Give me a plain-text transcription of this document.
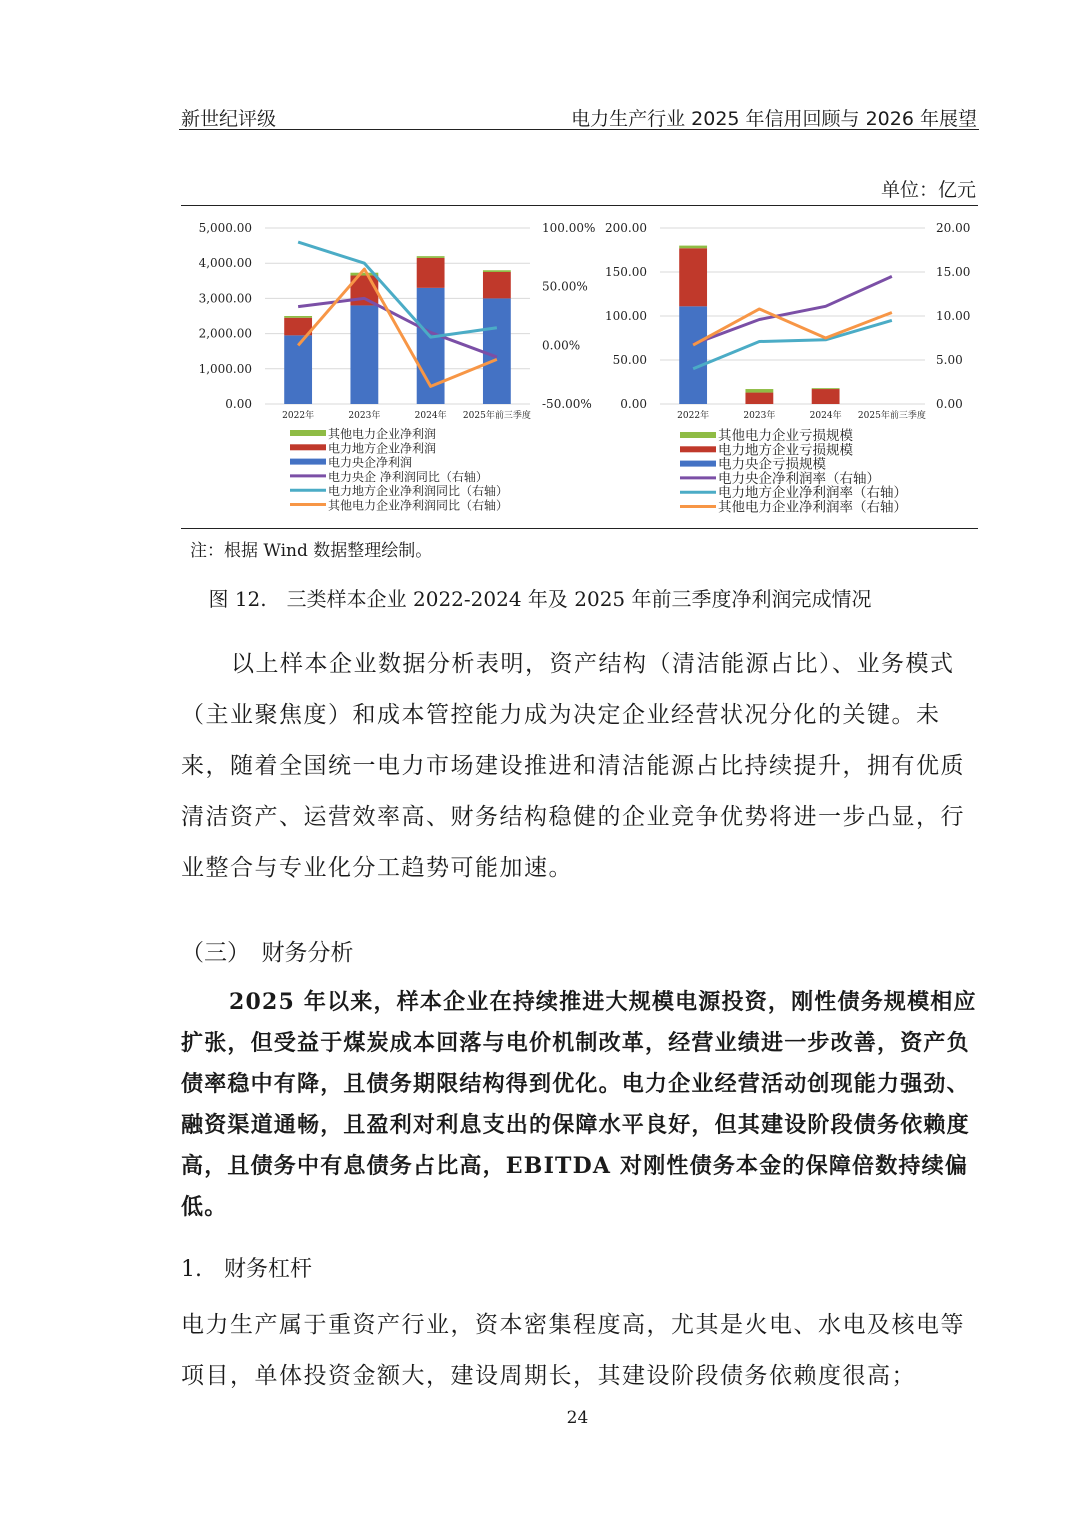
新世纪评级	电力生产行业 2025 年信用回顾与 2026 年展望
单位：亿元
5,000.00
4,000.00
3,000.00
2,000.00
1,000.00
0.00
100.00%
50.00%
0.00%
-50.00%
2022年	2023年	2024年 2025年前三季度
其他电力企业净利润
电力地方企业净利润
电力央企净利润
电力央企 净利润同比（右轴）
电力地方企业净利润同比（右轴）
其他电力企业净利润同比（右轴）
200.00
150.00
100.00
50.00
0.00
20.00
15.00
10.00
5.00
0.00
2022年	2023年	2024年 2025年前三季度
其他电力企业亏损规模
电力地方企业亏损规模
电力央企亏损规模
电力央企净利润率（右轴）
电力地方企业净利润率（右轴）
其他电力企业净利润率（右轴）
注：根据 Wind 数据整理绘制。
图 12.　三类样本企业 2022-2024 年及 2025 年前三季度净利润完成情况
以上样本企业数据分析表明，资产结构（清洁能源占比）、业务模式（主业聚焦度）和成本管控能力成为决定企业经营状况分化的关键。未来，随着全国统一电力市场建设推进和清洁能源占比持续提升，拥有优质清洁资产、运营效率高、财务结构稳健的企业竞争优势将进一步凸显，行业整合与专业化分工趋势可能加速。
（三）　财务分析
2025 年以来，样本企业在持续推进大规模电源投资，刚性债务规模相应扩张，但受益于煤炭成本回落与电价机制改革，经营业绩进一步改善，资产负债率稳中有降，且债务期限结构得到优化。电力企业经营活动创现能力强劲、融资渠道通畅，且盈利对利息支出的保障水平良好，但其建设阶段债务依赖度高，且债务中有息债务占比高，EBITDA 对刚性债务本金的保障倍数持续偏低。
1.　财务杠杆
电力生产属于重资产行业，资本密集程度高，尤其是火电、水电及核电等项目，单体投资金额大，建设周期长，其建设阶段债务依赖度很高；
24
